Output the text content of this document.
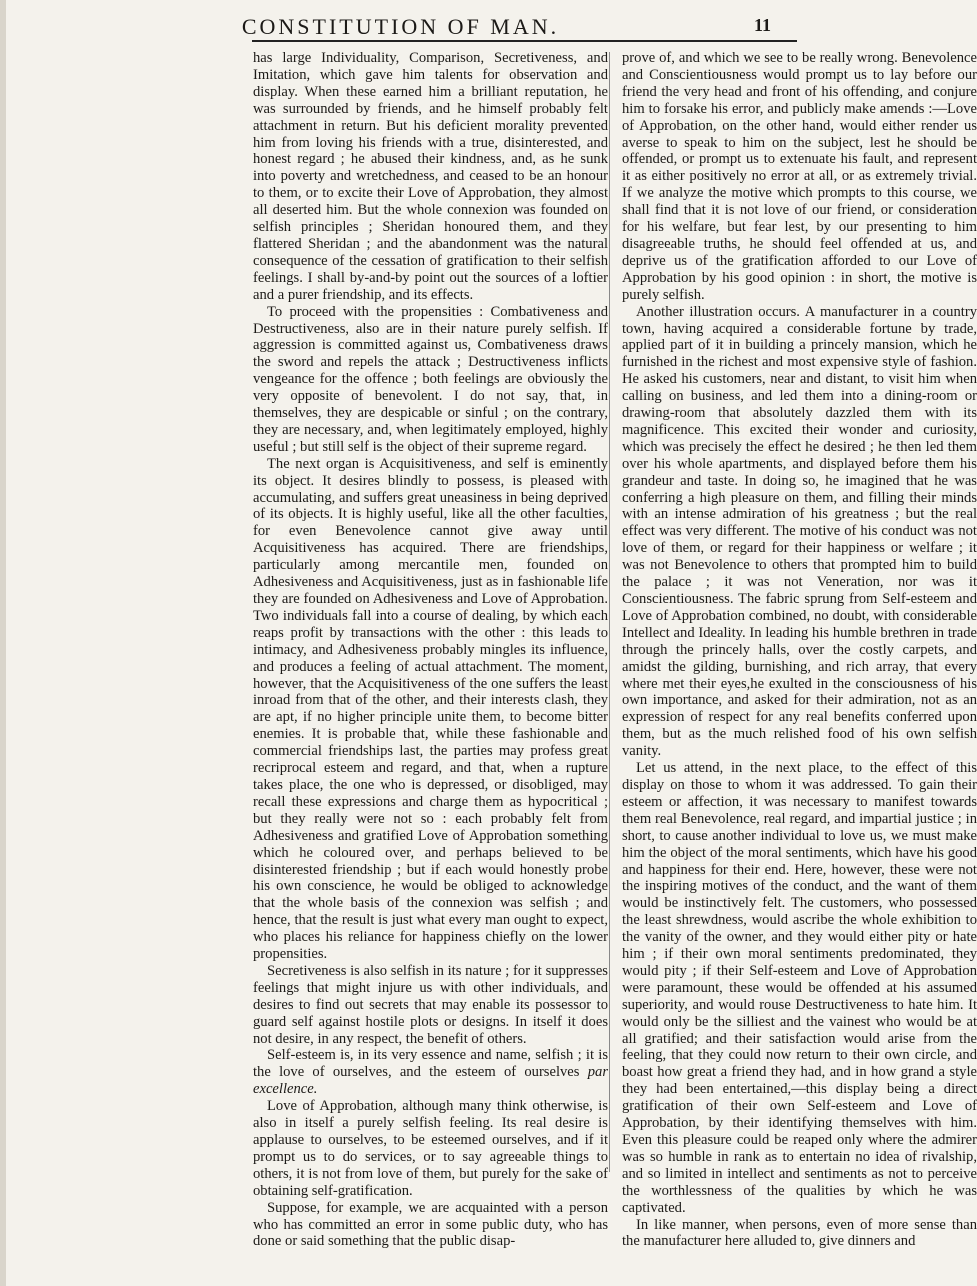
CONSTITUTION OF MAN.	11

has large Individuality, Comparison, Secretiveness, and Imitation, which gave him talents for observation and display. When these earned him a brilliant reputation, he was surrounded by friends, and he himself probably felt attachment in return. But his deficient morality prevented him from loving his friends with a true, disinterested, and honest regard ; he abused their kindness, and, as he sunk into poverty and wretchedness, and ceased to be an honour to them, or to excite their Love of Approbation, they almost all deserted him. But the whole connexion was founded on selfish principles ; Sheridan honoured them, and they flattered Sheridan ; and the abandonment was the natural consequence of the cessation of gratification to their selfish feelings. I shall by-and-by point out the sources of a loftier and a purer friendship, and its effects.

To proceed with the propensities : Combativeness and Destructiveness, also are in their nature purely selfish. If aggression is committed against us, Combativeness draws the sword and repels the attack ; Destructiveness inflicts vengeance for the offence ; both feelings are obviously the very opposite of benevolent. I do not say, that, in themselves, they are despicable or sinful ; on the contrary, they are necessary, and, when legitimately employed, highly useful ; but still self is the object of their supreme regard.

The next organ is Acquisitiveness, and self is eminently its object. It desires blindly to possess, is pleased with accumulating, and suffers great uneasiness in being deprived of its objects. It is highly useful, like all the other faculties, for even Benevolence cannot give away until Acquisitiveness has acquired. There are friendships, particularly among mercantile men, founded on Adhesiveness and Acquisitiveness, just as in fashionable life they are founded on Adhesiveness and Love of Approbation. Two individuals fall into a course of dealing, by which each reaps profit by transactions with the other : this leads to intimacy, and Adhesiveness probably mingles its influence, and produces a feeling of actual attachment. The moment, however, that the Acquisitiveness of the one suffers the least inroad from that of the other, and their interests clash, they are apt, if no higher principle unite them, to become bitter enemies. It is probable that, while these fashionable and commercial friendships last, the parties may profess great recriprocal esteem and regard, and that, when a rupture takes place, the one who is depressed, or disobliged, may recall these expressions and charge them as hypocritical ; but they really were not so : each probably felt from Adhesiveness and gratified Love of Approbation something which he coloured over, and perhaps believed to be disinterested friendship ; but if each would honestly probe his own conscience, he would be obliged to acknowledge that the whole basis of the connexion was selfish ; and hence, that the result is just what every man ought to expect, who places his reliance for happiness chiefly on the lower propensities.

Secretiveness is also selfish in its nature ; for it suppresses feelings that might injure us with other individuals, and desires to find out secrets that may enable its possessor to guard self against hostile plots or designs. In itself it does not desire, in any respect, the benefit of others.

Self-esteem is, in its very essence and name, selfish ; it is the love of ourselves, and the esteem of ourselves par excellence.

Love of Approbation, although many think otherwise, is also in itself a purely selfish feeling. Its real desire is applause to ourselves, to be esteemed ourselves, and if it prompt us to do services, or to say agreeable things to others, it is not from love of them, but purely for the sake of obtaining self-gratification.

Suppose, for example, we are acquainted with a person who has committed an error in some public duty, who has done or said something that the public disap-

prove of, and which we see to be really wrong. Benevolence and Conscientiousness would prompt us to lay before our friend the very head and front of his offending, and conjure him to forsake his error, and publicly make amends :—Love of Approbation, on the other hand, would either render us averse to speak to him on the subject, lest he should be offended, or prompt us to extenuate his fault, and represent it as either positively no error at all, or as extremely trivial. If we analyze the motive which prompts to this course, we shall find that it is not love of our friend, or consideration for his welfare, but fear lest, by our presenting to him disagreeable truths, he should feel offended at us, and deprive us of the gratification afforded to our Love of Approbation by his good opinion : in short, the motive is purely selfish.

Another illustration occurs. A manufacturer in a country town, having acquired a considerable fortune by trade, applied part of it in building a princely mansion, which he furnished in the richest and most expensive style of fashion. He asked his customers, near and distant, to visit him when calling on business, and led them into a dining-room or drawing-room that absolutely dazzled them with its magnificence. This excited their wonder and curiosity, which was precisely the effect he desired ; he then led them over his whole apartments, and displayed before them his grandeur and taste. In doing so, he imagined that he was conferring a high pleasure on them, and filling their minds with an intense admiration of his greatness ; but the real effect was very different. The motive of his conduct was not love of them, or regard for their happiness or welfare ; it was not Benevolence to others that prompted him to build the palace ; it was not Veneration, nor was it Conscientiousness. The fabric sprung from Self-esteem and Love of Approbation combined, no doubt, with considerable Intellect and Ideality. In leading his humble brethren in trade through the princely halls, over the costly carpets, and amidst the gilding, burnishing, and rich array, that every where met their eyes,he exulted in the consciousness of his own importance, and asked for their admiration, not as an expression of respect for any real benefits conferred upon them, but as the much relished food of his own selfish vanity.

Let us attend, in the next place, to the effect of this display on those to whom it was addressed. To gain their esteem or affection, it was necessary to manifest towards them real Benevolence, real regard, and impartial justice ; in short, to cause another individual to love us, we must make him the object of the moral sentiments, which have his good and happiness for their end. Here, however, these were not the inspiring motives of the conduct, and the want of them would be instinctively felt. The customers, who possessed the least shrewdness, would ascribe the whole exhibition to the vanity of the owner, and they would either pity or hate him ; if their own moral sentiments predominated, they would pity ; if their Self-esteem and Love of Approbation were paramount, these would be offended at his assumed superiority, and would rouse Destructiveness to hate him. It would only be the silliest and the vainest who would be at all gratified; and their satisfaction would arise from the feeling, that they could now return to their own circle, and boast how great a friend they had, and in how grand a style they had been entertained,—this display being a direct gratification of their own Self-esteem and Love of Approbation, by their identifying themselves with him. Even this pleasure could be reaped only where the admirer was so humble in rank as to entertain no idea of rivalship, and so limited in intellect and sentiments as not to perceive the worthlessness of the qualities by which he was captivated.

In like manner, when persons, even of more sense than the manufacturer here alluded to, give dinners and
